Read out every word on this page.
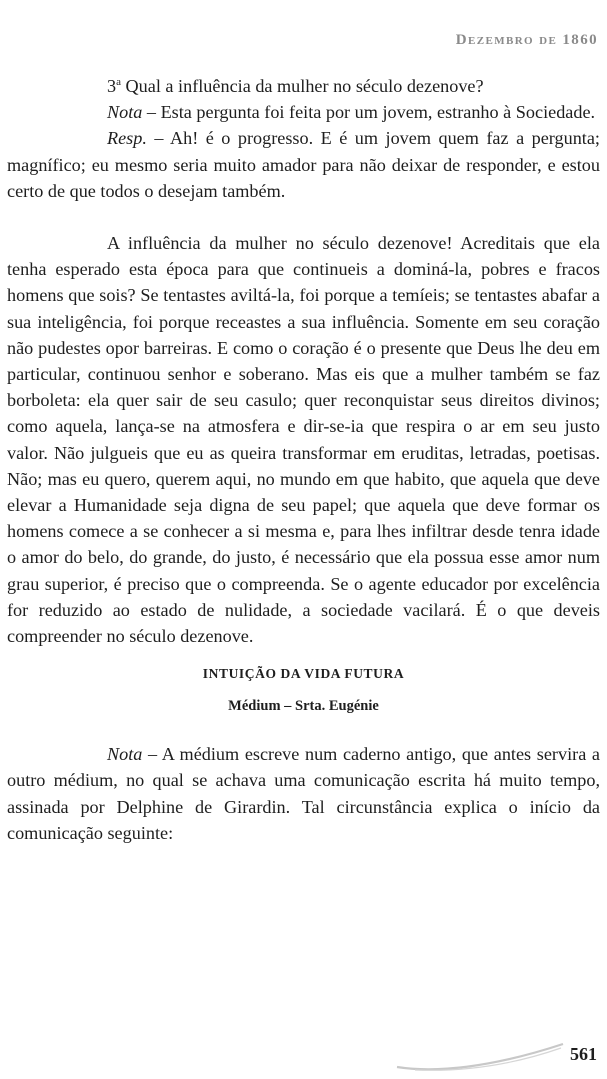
Dezembro de 1860

3$^a$ Qual a influência da mulher no século dezenove?

Nota – Esta pergunta foi feita por um jovem, estranho à Sociedade.

Resp. – Ah! é o progresso. E é um jovem quem faz a pergunta; magnífico; eu mesmo seria muito amador para não deixar de responder, e estou certo de que todos o desejam também.

A influência da mulher no século dezenove! Acreditais que ela tenha esperado esta época para que continueis a dominá-la, pobres e fracos homens que sois? Se tentastes aviltá-la, foi porque a temíeis; se tentastes abafar a sua inteligência, foi porque receastes a sua influência. Somente em seu coração não pudestes opor barreiras. E como o coração é o presente que Deus lhe deu em particular, continuou senhor e soberano. Mas eis que a mulher também se faz borboleta: ela quer sair de seu casulo; quer reconquistar seus direitos divinos; como aquela, lança-se na atmosfera e dir-se-ia que respira o ar em seu justo valor. Não julgueis que eu as queira transformar em eruditas, letradas, poetisas. Não; mas eu quero, querem aqui, no mundo em que habito, que aquela que deve elevar a Humanidade seja digna de seu papel; que aquela que deve formar os homens comece a se conhecer a si mesma e, para lhes infiltrar desde tenra idade o amor do belo, do grande, do justo, é necessário que ela possua esse amor num grau superior, é preciso que o compreenda. Se o agente educador por excelência for reduzido ao estado de nulidade, a sociedade vacilará. É o que deveis compreender no século dezenove.

INTUIÇÃO DA VIDA FUTURA
Médium – Srta. Eugénie

Nota – A médium escreve num caderno antigo, que antes servira a outro médium, no qual se achava uma comunicação escrita há muito tempo, assinada por Delphine de Girardin. Tal circunstância explica o início da comunicação seguinte:

561
